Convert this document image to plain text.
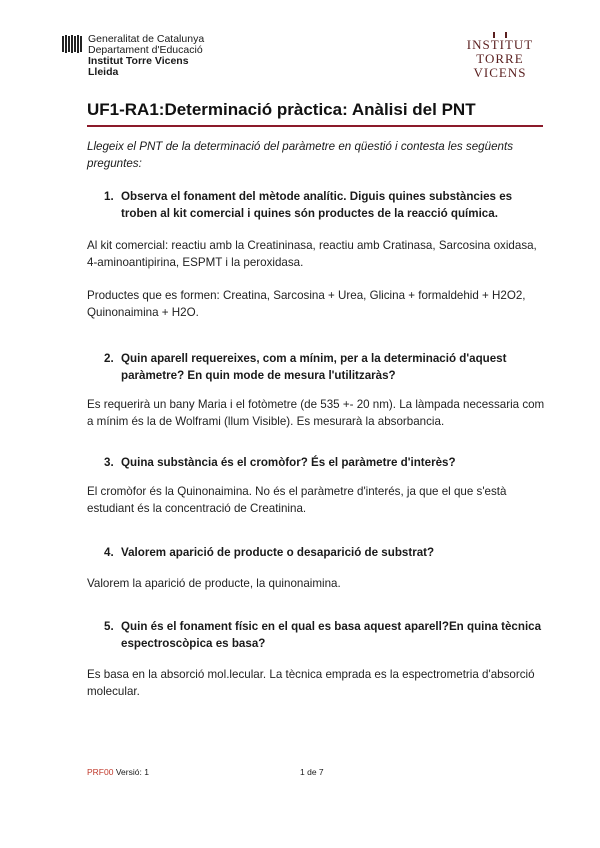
Generalitat de Catalunya
Departament d'Educació
Institut Torre Vicens
Lleida
INSTITUT
TORRE VICENS
UF1-RA1:Determinació pràctica: Anàlisi del PNT

Llegeix el PNT de la determinació del paràmetre en qüestió i contesta les següents preguntes:

1. Observa el fonament del mètode analític. Diguis quines substàncies es troben al kit comercial i quines són productes de la reacció química.

Al kit comercial: reactiu amb la Creatininasa, reactiu amb Cratinasa, Sarcosina oxidasa, 4-aminoantipirina, ESPMT i la peroxidasa.

Productes que es formen: Creatina, Sarcosina + Urea, Glicina + formaldehid + H2O2, Quinonaimina + H2O.

2. Quin aparell requereixes, com a mínim, per a la determinació d'aquest paràmetre? En quin mode de mesura l'utilitzaràs?

Es requerirà un bany Maria i el fotòmetre (de 535 +- 20 nm). La làmpada necessaria com a mínim és la de Wolframi (llum Visible). Es mesurarà la absorbancia.

3. Quina substància és el cromòfor? És el paràmetre d'interès?

El cromòfor és la Quinonaimina. No és el paràmetre d'interés, ja que el que s'està estudiant és la concentració de Creatinina.

4. Valorem aparició de producte o desaparició de substrat?

Valorem la aparició de producte, la quinonaimina.

5. Quin és el fonament físic en el qual es basa aquest aparell?En quina tècnica espectroscòpica es basa?

Es basa en la absorció mol.lecular. La tècnica emprada es la espectrometria d'absorció molecular.

PRF00 Versió: 1	1 de 7
